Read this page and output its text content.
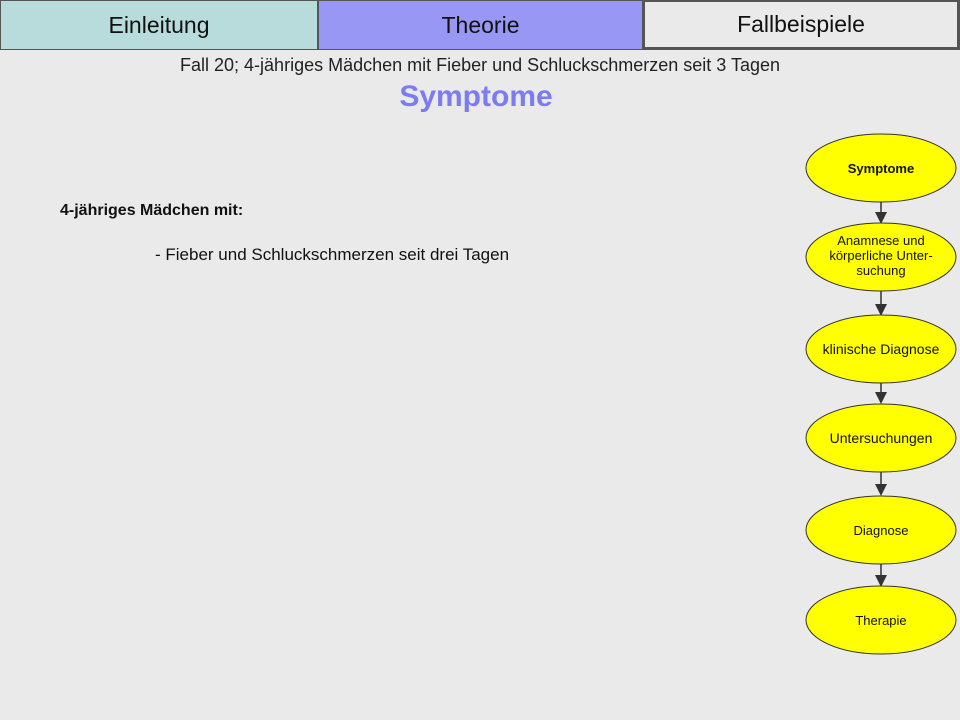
Einleitung	Theorie	Fallbeispiele
Fall 20; 4-jähriges Mädchen mit Fieber und Schluckschmerzen seit 3 Tagen
Symptome
4-jähriges Mädchen mit:
- Fieber und Schluckschmerzen seit drei Tagen
Symptome
Anamnese und
körperliche Unter-
suchung
klinische Diagnose
Untersuchungen
Diagnose
Therapie
